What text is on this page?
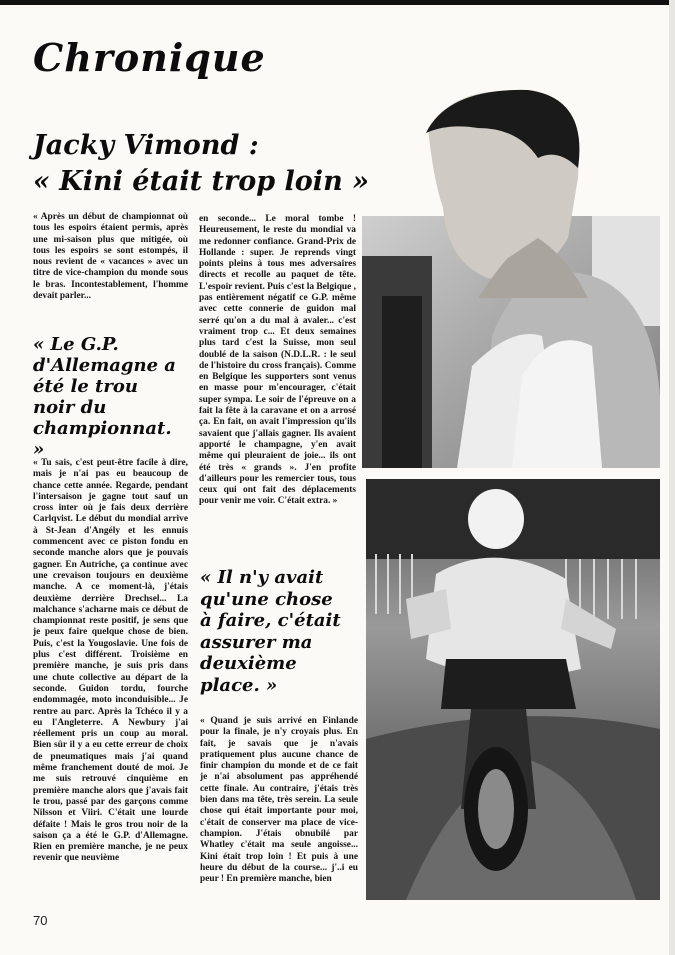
Chronique
Jacky Vimond :
« Kini était trop loin »

« Après un début de championnat où tous les espoirs étaient permis, après une mi-saison plus que mitigée, où tous les espoirs se sont estompés, il nous revient de « vacances » avec un titre de vice-champion du monde sous le bras. Incontestablement, l'homme devait parler...

« Le G.P. d'Allemagne a été le trou noir du championnat. »

« Tu sais, c'est peut-être facile à dire, mais je n'ai pas eu beaucoup de chance cette année. Regarde, pendant l'intersaison je gagne tout sauf un cross inter où je fais deux derrière Carlqvist. Le début du mondial arrive à St-Jean d'Angély et les ennuis commencent avec ce piston fondu en seconde manche alors que je pouvais gagner. En Autriche, ça continue avec une crevaison toujours en deuxième manche. A ce moment-là, j'étais deuxième derrière Drechsel... La malchance s'acharne mais ce début de championnat reste positif, je sens que je peux faire quelque chose de bien. Puis, c'est la Yougoslavie. Une fois de plus c'est différent. Troisième en première manche, je suis pris dans une chute collective au départ de la seconde. Guidon tordu, fourche endommagée, moto inconduisible... Je rentre au parc. Après la Tchéco il y a eu l'Angleterre. A Newbury j'ai réellement pris un coup au moral. Bien sûr il y a eu cette erreur de choix de pneumatiques mais j'ai quand même franchement douté de moi. Je me suis retrouvé cinquième en première manche alors que j'avais fait le trou, passé par des garçons comme Nilsson et Viiri. C'était une lourde défaite ! Mais le gros trou noir de la saison ça a été le G.P. d'Allemagne. Rien en première manche, je ne peux revenir que neuvième

en seconde... Le moral tombe ! Heureusement, le reste du mondial va me redonner confiance. Grand-Prix de Hollande : super. Je reprends vingt points pleins à tous mes adversaires directs et recolle au paquet de tête. L'espoir revient. Puis c'est la Belgique , pas entièrement négatif ce G.P. même avec cette connerie de guidon mal serré qu'on a du mal à avaler... c'est vraiment trop c... Et deux semaines plus tard c'est la Suisse, mon seul doublé de la saison (N.D.L.R. : le seul de l'histoire du cross français). Comme en Belgique les supporters sont venus en masse pour m'encourager, c'était super sympa. Le soir de l'épreuve on a fait la fête à la caravane et on a arrosé ça. En fait, on avait l'impression qu'ils savaient que j'allais gagner. Ils avaient apporté le champagne, y'en avait même qui pleuraient de joie... ils ont été très « grands ». J'en profite d'ailleurs pour les remercier tous, tous ceux qui ont fait des déplacements pour venir me voir. C'était extra. »

« Il n'y avait qu'une chose à faire, c'était assurer ma deuxième place. »

« Quand je suis arrivé en Finlande pour la finale, je n'y croyais plus. En fait, je savais que je n'avais pratiquement plus aucune chance de finir champion du monde et de ce fait je n'ai absolument pas appréhendé cette finale. Au contraire, j'étais très bien dans ma tête, très serein. La seule chose qui était importante pour moi, c'était de conserver ma place de vice-champion. J'étais obnubilé par Whatley c'était ma seule angoisse... Kini était trop loin ! Et puis à une heure du début de la course... j'..i eu peur ! En première manche, bien

70
